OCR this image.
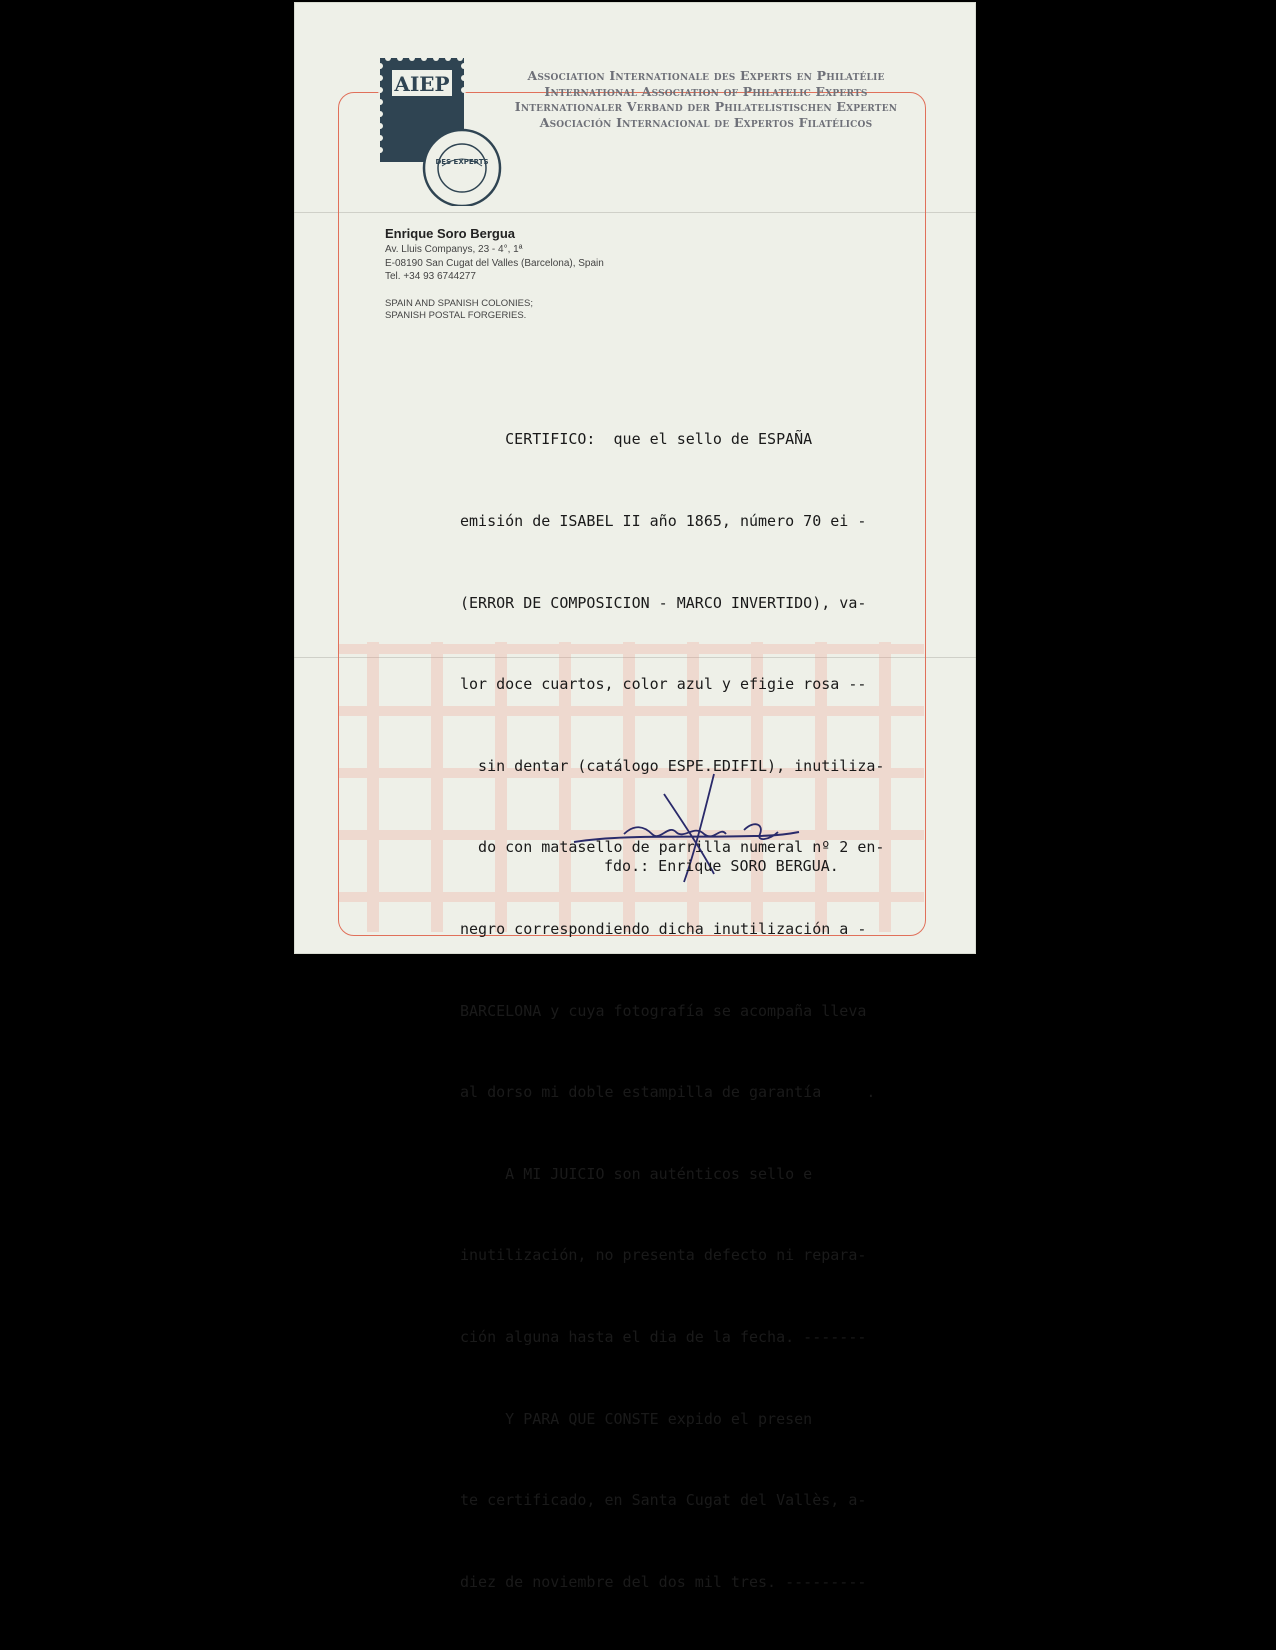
AIEP
DES EXPERTS
Association Internationale des Experts en Philatélie
International Association of Philatelic Experts
Internationaler Verband der Philatelistischen Experten
Asociación Internacional de Expertos Filatélicos
Enrique Soro Bergua
Av. Lluis Companys, 23 - 4°, 1ª
E-08190 San Cugat del Valles (Barcelona), Spain
Tel. +34 93 6744277
SPAIN AND SPANISH COLONIES;
SPANISH POSTAL FORGERIES.

CERTIFICO:  que el sello de ESPAÑA

emisión de ISABEL II año 1865, número 70 ei -

(ERROR DE COMPOSICION - MARCO INVERTIDO), va-

lor doce cuartos, color azul y efigie rosa --

sin dentar (catálogo ESPE.EDIFIL), inutiliza-

do con matasello de parrilla numeral nº 2 en-

negro correspondiendo dicha inutilización a -

BARCELONA y cuya fotografía se acompaña lleva

al dorso mi doble estampilla de garantía     .

A MI JUICIO son auténticos sello e

inutilización, no presenta defecto ni repara-

ción alguna hasta el dia de la fecha. -------

Y PARA QUE CONSTE expido el presen

te certificado, en Santa Cugat del Vallès, a-

diez de noviembre del dos mil tres. ---------

fdo.: Enrique SORO BERGUA.
